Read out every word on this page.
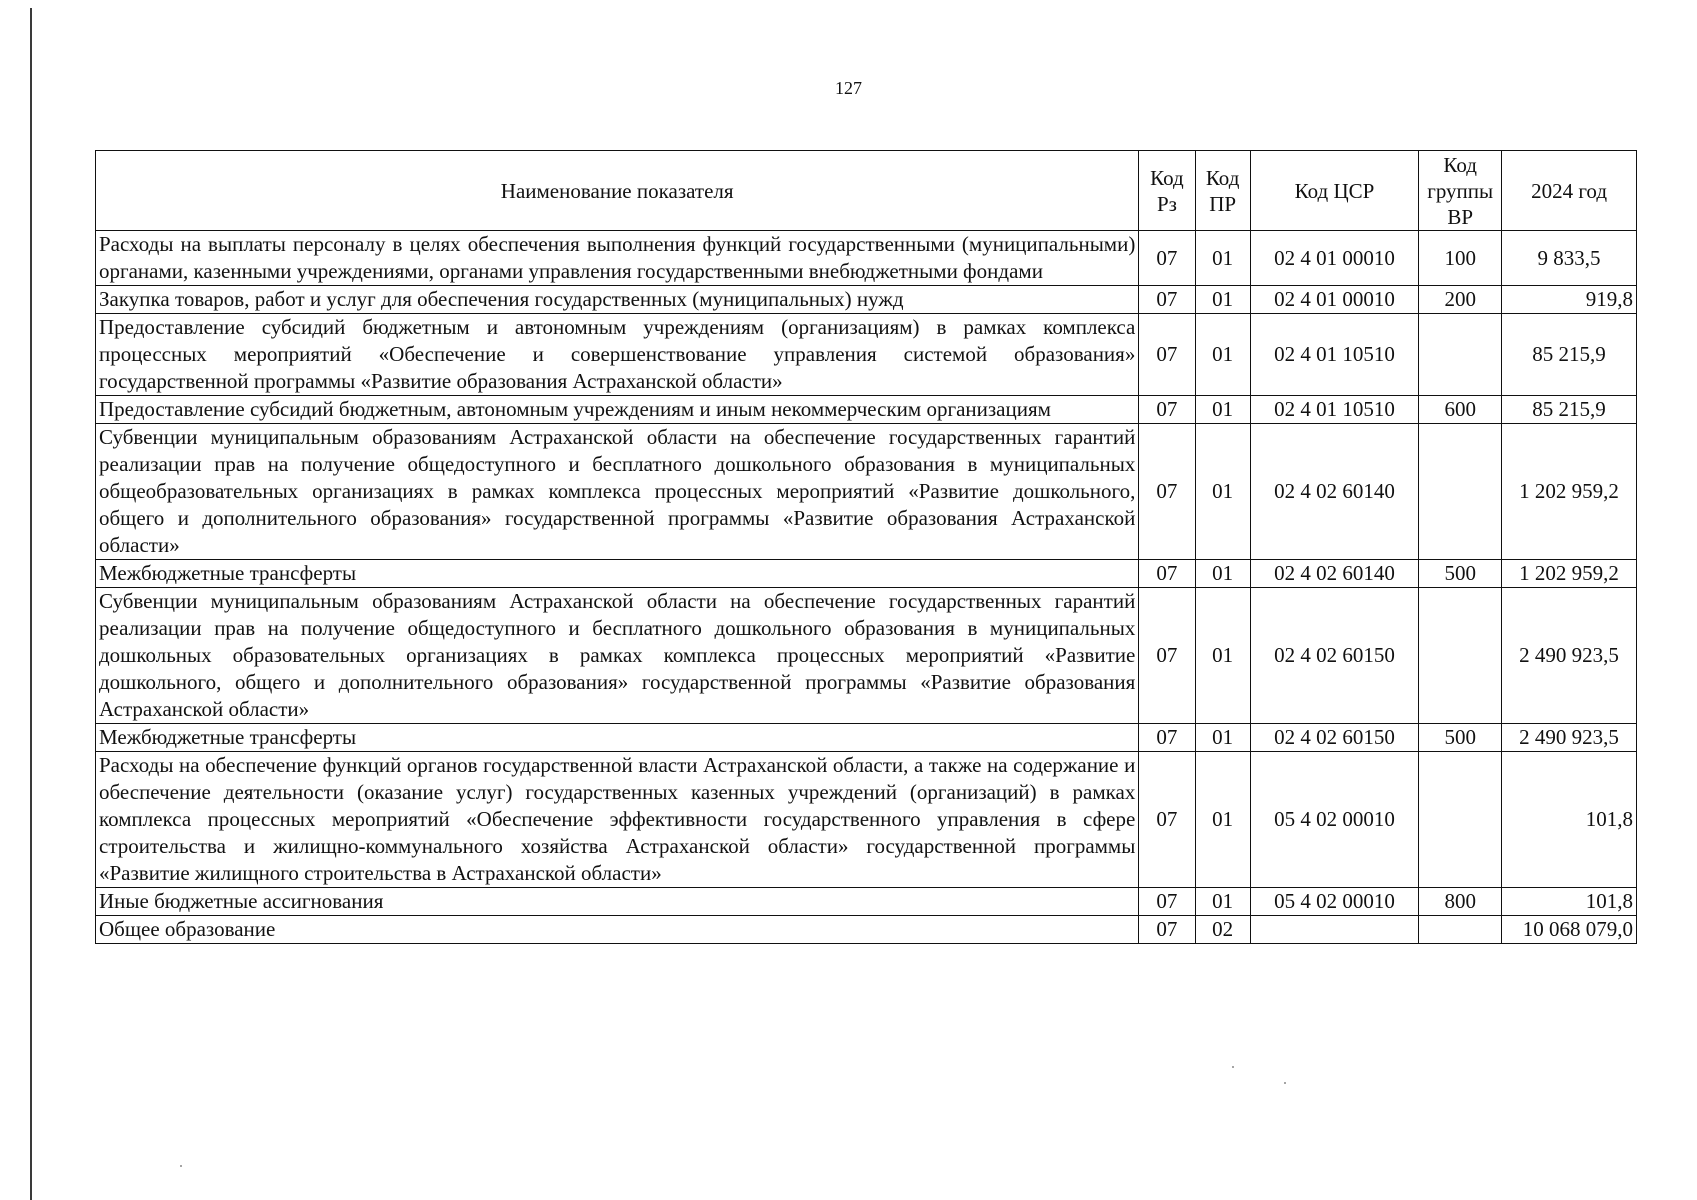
127
Наименование показателя	Код Рз	Код ПР	Код ЦСР	Код группы ВР	2024 год
Расходы на выплаты персоналу в целях обеспечения выполнения функций государственными (муниципальными) органами, казенными учреждениями, органами управления государственными внебюджетными фондами	07	01	02 4 01 00010	100	9 833,5
Закупка товаров, работ и услуг для обеспечения государственных (муниципальных) нужд	07	01	02 4 01 00010	200	919,8
Предоставление субсидий бюджетным и автономным учреждениям (организациям) в рамках комплекса процессных мероприятий «Обеспечение и совершенствование управления системой образования» государственной программы «Развитие образования Астраханской области»	07	01	02 4 01 10510		85 215,9
Предоставление субсидий бюджетным, автономным учреждениям и иным некоммерческим организациям	07	01	02 4 01 10510	600	85 215,9
Субвенции муниципальным образованиям Астраханской области на обеспечение государственных гарантий реализации прав на получение общедоступного и бесплатного дошкольного образования в муниципальных общеобразовательных организациях в рамках комплекса процессных мероприятий «Развитие дошкольного, общего и дополнительного образования» государственной программы «Развитие образования Астраханской области»	07	01	02 4 02 60140		1 202 959,2
Межбюджетные трансферты	07	01	02 4 02 60140	500	1 202 959,2
Субвенции муниципальным образованиям Астраханской области на обеспечение государственных гарантий реализации прав на получение общедоступного и бесплатного дошкольного образования в муниципальных дошкольных образовательных организациях в рамках комплекса процессных мероприятий «Развитие дошкольного, общего и дополнительного образования» государственной программы «Развитие образования Астраханской области»	07	01	02 4 02 60150		2 490 923,5
Межбюджетные трансферты	07	01	02 4 02 60150	500	2 490 923,5
Расходы на обеспечение функций органов государственной власти Астраханской области, а также на содержание и обеспечение деятельности (оказание услуг) государственных казенных учреждений (организаций) в рамках комплекса процессных мероприятий «Обеспечение эффективности государственного управления в сфере строительства и жилищно-коммунального хозяйства Астраханской области» государственной программы «Развитие жилищного строительства в Астраханской области»	07	01	05 4 02 00010		101,8
Иные бюджетные ассигнования	07	01	05 4 02 00010	800	101,8
Общее образование	07	02			10 068 079,0
